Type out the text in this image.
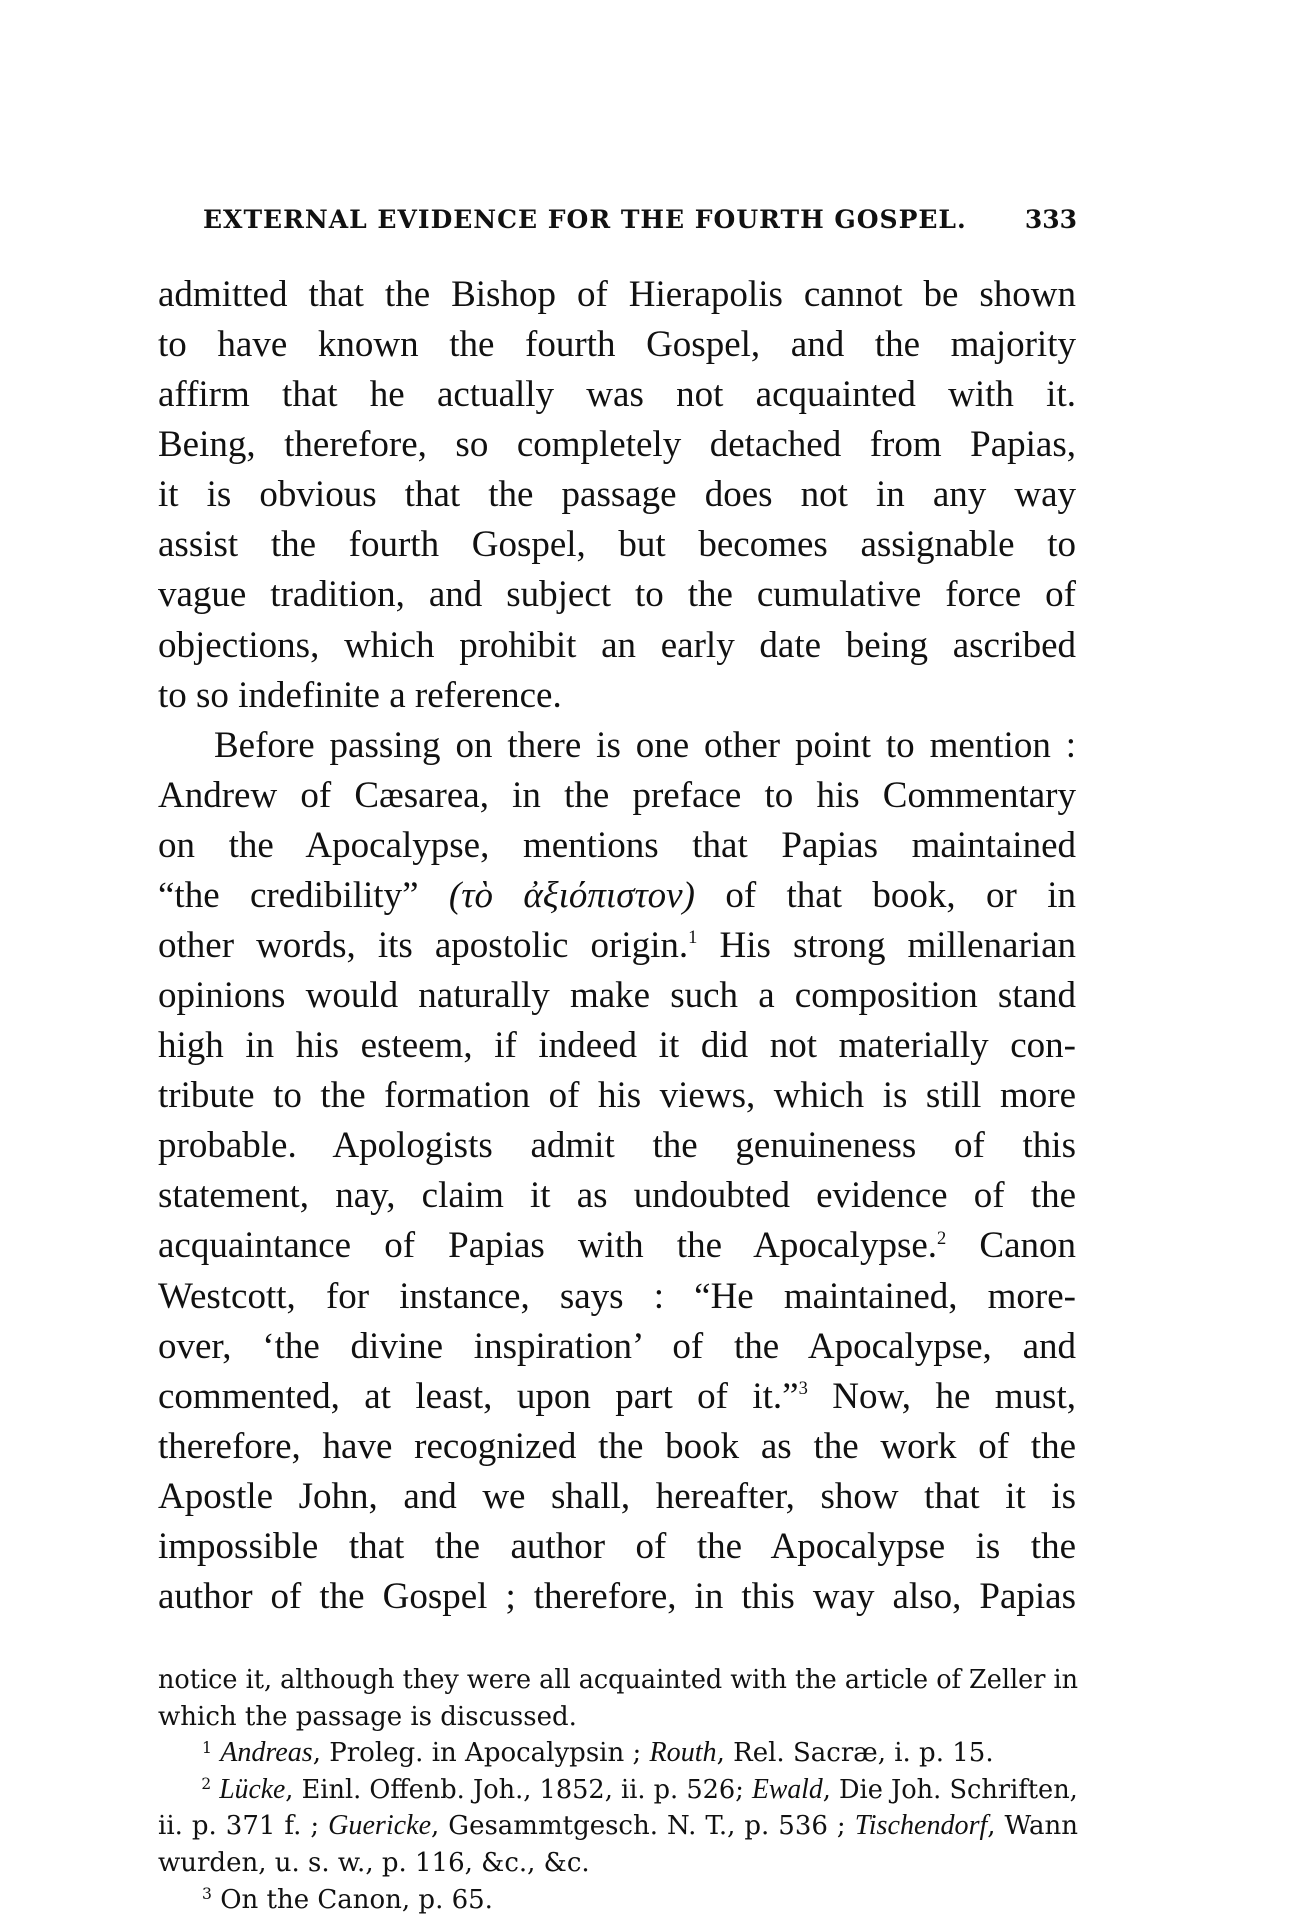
EXTERNAL EVIDENCE FOR THE FOURTH GOSPEL. 333
admitted that the Bishop of Hierapolis cannot be shown
to have known the fourth Gospel, and the majority
affirm that he actually was not acquainted with it.
Being, therefore, so completely detached from Papias,
it is obvious that the passage does not in any way
assist the fourth Gospel, but becomes assignable to
vague tradition, and subject to the cumulative force of
objections, which prohibit an early date being ascribed
to so indefinite a reference.
Before passing on there is one other point to mention :
Andrew of Cæsarea, in the preface to his Commentary
on the Apocalypse, mentions that Papias maintained
“the credibility” (τὸ ἀξιόπιστον) of that book, or in
other words, its apostolic origin.$^1$ His strong millenarian
opinions would naturally make such a composition stand
high in his esteem, if indeed it did not materially con-
tribute to the formation of his views, which is still more
probable. Apologists admit the genuineness of this
statement, nay, claim it as undoubted evidence of the
acquaintance of Papias with the Apocalypse.$^2$ Canon
Westcott, for instance, says : “He maintained, more-
over, ‘the divine inspiration’ of the Apocalypse, and
commented, at least, upon part of it.”$^3$ Now, he must,
therefore, have recognized the book as the work of the
Apostle John, and we shall, hereafter, show that it is
impossible that the author of the Apocalypse is the
author of the Gospel ; therefore, in this way also, Papias
notice it, although they were all acquainted with the article of Zeller in
which the passage is discussed.
$^1$ Andreas, Proleg. in Apocalypsin ; Routh, Rel. Sacræ, i. p. 15.
$^2$ Lücke, Einl. Offenb. Joh., 1852, ii. p. 526; Ewald, Die Joh. Schriften,
ii. p. 371 f. ; Guericke, Gesammtgesch. N. T., p. 536 ; Tischendorf, Wann
wurden, u. s. w., p. 116, &c., &c.
$^3$ On the Canon, p. 65.
